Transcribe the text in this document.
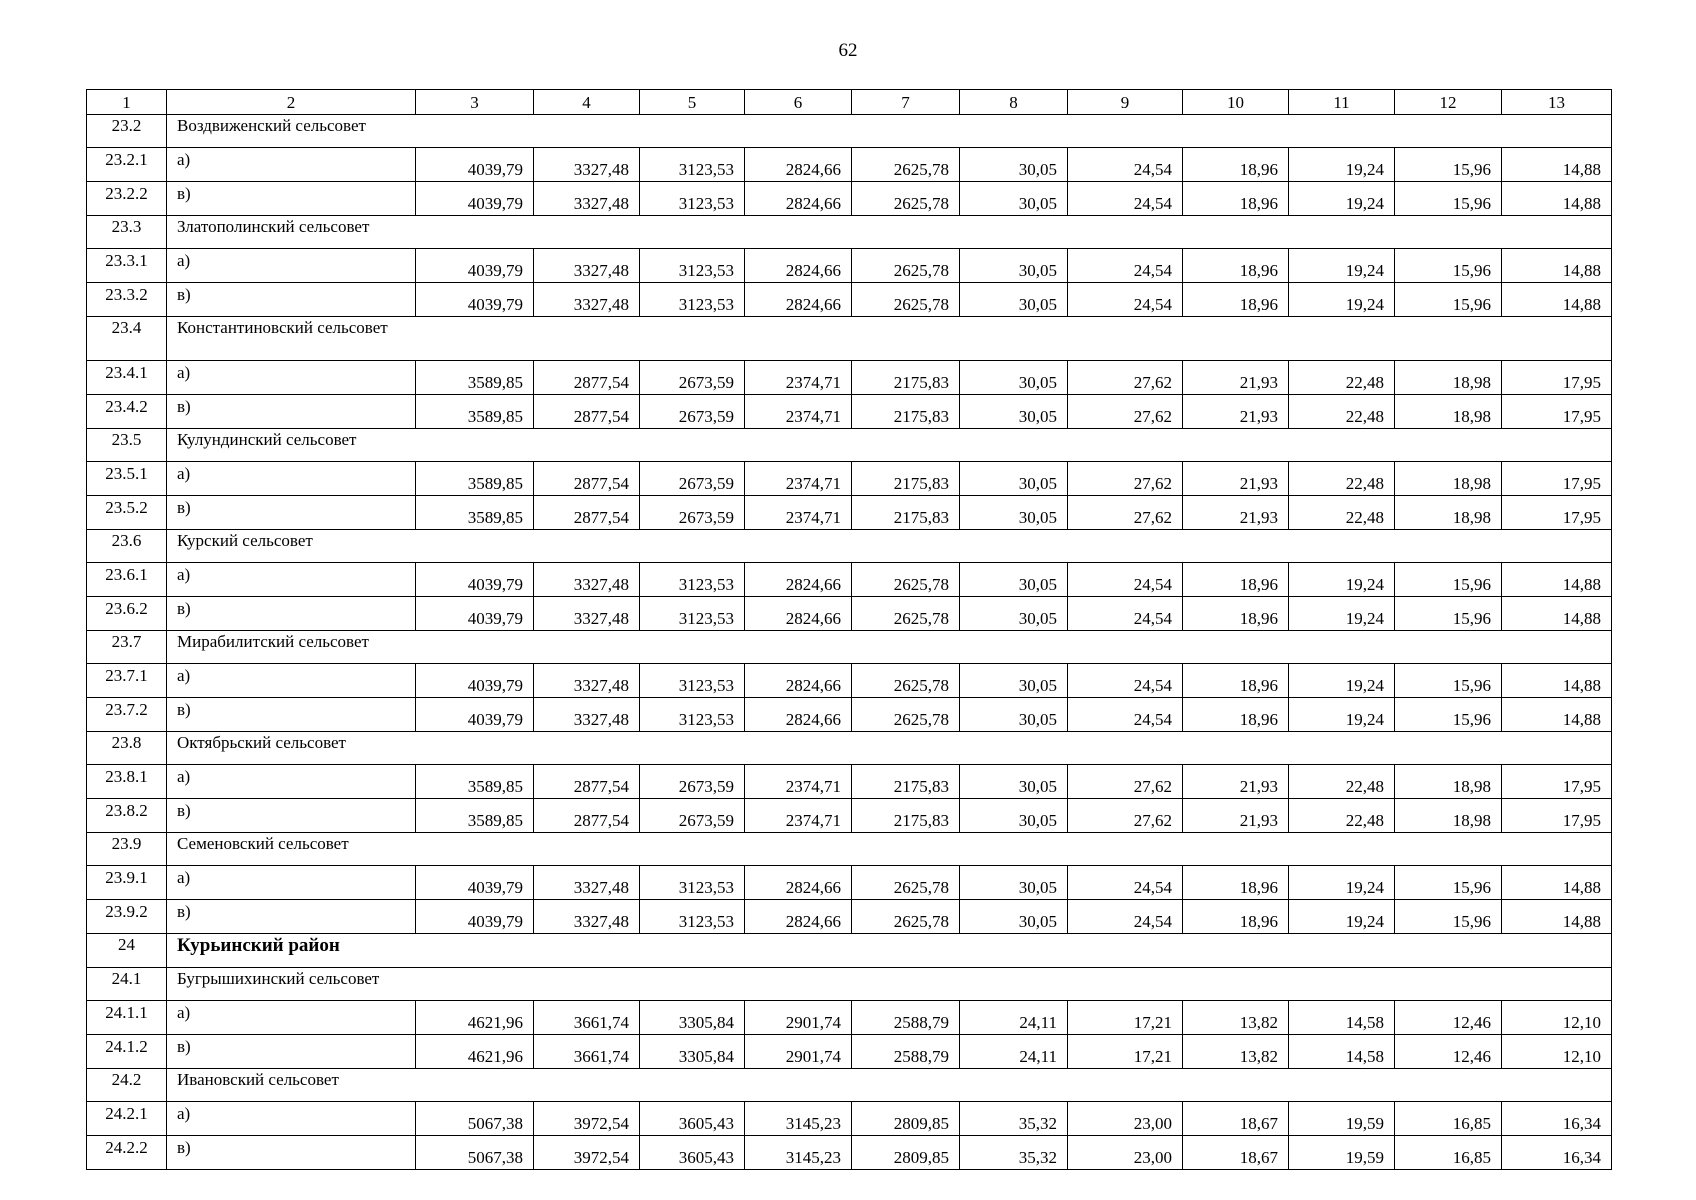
62
1	2	3	4	5	6	7	8	9	10	11	12	13
23.2	Воздвиженский сельсовет											
23.2.1	а)	4039,79	3327,48	3123,53	2824,66	2625,78	30,05	24,54	18,96	19,24	15,96	14,88
23.2.2	в)	4039,79	3327,48	3123,53	2824,66	2625,78	30,05	24,54	18,96	19,24	15,96	14,88
23.3	Златополинский сельсовет											
23.3.1	а)	4039,79	3327,48	3123,53	2824,66	2625,78	30,05	24,54	18,96	19,24	15,96	14,88
23.3.2	в)	4039,79	3327,48	3123,53	2824,66	2625,78	30,05	24,54	18,96	19,24	15,96	14,88
23.4	Константиновский сельсовет											
23.4.1	а)	3589,85	2877,54	2673,59	2374,71	2175,83	30,05	27,62	21,93	22,48	18,98	17,95
23.4.2	в)	3589,85	2877,54	2673,59	2374,71	2175,83	30,05	27,62	21,93	22,48	18,98	17,95
23.5	Кулундинский сельсовет											
23.5.1	а)	3589,85	2877,54	2673,59	2374,71	2175,83	30,05	27,62	21,93	22,48	18,98	17,95
23.5.2	в)	3589,85	2877,54	2673,59	2374,71	2175,83	30,05	27,62	21,93	22,48	18,98	17,95
23.6	Курский сельсовет											
23.6.1	а)	4039,79	3327,48	3123,53	2824,66	2625,78	30,05	24,54	18,96	19,24	15,96	14,88
23.6.2	в)	4039,79	3327,48	3123,53	2824,66	2625,78	30,05	24,54	18,96	19,24	15,96	14,88
23.7	Мирабилитский сельсовет											
23.7.1	а)	4039,79	3327,48	3123,53	2824,66	2625,78	30,05	24,54	18,96	19,24	15,96	14,88
23.7.2	в)	4039,79	3327,48	3123,53	2824,66	2625,78	30,05	24,54	18,96	19,24	15,96	14,88
23.8	Октябрьский сельсовет											
23.8.1	а)	3589,85	2877,54	2673,59	2374,71	2175,83	30,05	27,62	21,93	22,48	18,98	17,95
23.8.2	в)	3589,85	2877,54	2673,59	2374,71	2175,83	30,05	27,62	21,93	22,48	18,98	17,95
23.9	Семеновский сельсовет											
23.9.1	а)	4039,79	3327,48	3123,53	2824,66	2625,78	30,05	24,54	18,96	19,24	15,96	14,88
23.9.2	в)	4039,79	3327,48	3123,53	2824,66	2625,78	30,05	24,54	18,96	19,24	15,96	14,88
24	Курьинский район											
24.1	Бугрышихинский сельсовет											
24.1.1	а)	4621,96	3661,74	3305,84	2901,74	2588,79	24,11	17,21	13,82	14,58	12,46	12,10
24.1.2	в)	4621,96	3661,74	3305,84	2901,74	2588,79	24,11	17,21	13,82	14,58	12,46	12,10
24.2	Ивановский сельсовет											
24.2.1	а)	5067,38	3972,54	3605,43	3145,23	2809,85	35,32	23,00	18,67	19,59	16,85	16,34
24.2.2	в)	5067,38	3972,54	3605,43	3145,23	2809,85	35,32	23,00	18,67	19,59	16,85	16,34
